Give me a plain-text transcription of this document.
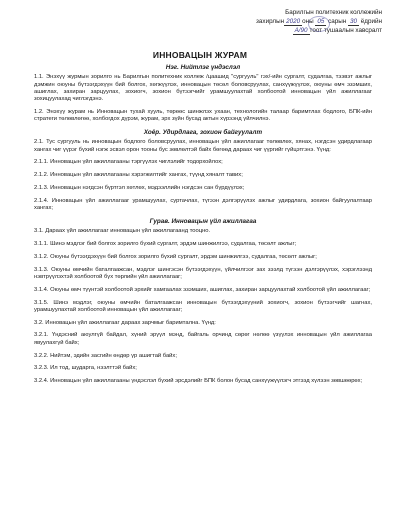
Барилгын политехник коллежийн
захирлын 2020 оны 05 сарын 30 ёдрийн
А/90 тоот тушаалын хавсралт
ИННОВАЦЫН ЖУРАМ
Нэг. Нийтлэг үндэслэл
1.1. Энэхүү журмын зорилго нь Барилгын политехник коллеж /цаашид "сургууль" гэх/-ийн сургалт, судалгаа, тээвэт ажлыг дэмжин оюуны бүтээгдэхүүн бий болгох, хөгжүүлэх, инновацын төсөл боловсруулах, санхүүжүүлэх, оюуны өмч эзэмших, ашиглах, захиран зарцуулах, зохиогч, зохион бүтээгчийг урамшуулахтай холбоотой инновацын үйл ажиллагааг зохицуулахад чиглэгдэнэ.
1.2. Энэхүү журам нь Инновацын тухай хууль, төрөөс шинжлэх ухаан, технологийн талаар баримтлах бодлого, БПК-ийн стратеги төлөвлөгөө, холбогдох дүрэм, журам, эрх зүйн бусад актын хүрээнд үйлчилнэ.
Хоёр. Удирдлага, зохион байгуулалт
2.1. Тус сургууль нь инновацын бодлого боловсруулах, инновацын үйл ажиллагааг төлөвлөх, хянах, нэгдсэн удирдлагаар хангах чиг үүрэг бүхий нэгж эсвэл орон тооны бус зөвлөлтэй байх бөгөөд дараах чиг үүргийг гүйцэтгэнэ. Үүнд:
2.1.1. Инновацын үйл ажиллагааны тэргүүлэх чиглэлийг тодорхойлох;
2.1.2. Инновацын үйл ажиллагааны хэрэгжилтийг хангах, түүнд хяналт тавих;
2.1.3. Инновацын нэгдсэн бүртгэл хөтлөх, мэдээллийн нэгдсэн сан бүрдүүлэх;
2.1.4. Инновацын үйл ажиллагааг урамшуулах, суртачлах, түгээн дэлгэрүүлэх ажлыг удирдлага, зохион байгуулалтаар хангах;
Гурав. Инновацын үйл ажиллагаа
3.1. Дараах үйл ажиллагааг инновацын үйл ажиллагаанд тооцно.
3.1.1. Шинэ мэдлэг бий болгох зорилго бүхий сургалт, эрдэм шинжилгээ, судалгаа, төсөлт ажлыг;
3.1.2. Оюуны бүтээгдэхүүн бий болгох зорилго бүхий сургалт, эрдэм шинжилгээ, судалгаа, төсөлт ажлыг;
3.1.3. Оюуны өмчийн баталгаажсан, мэдлэг шингэсэн бүтээгдэхүүн, үйлчилгээг зах зээлд түгээн дэлгэрүүлэх, хэрэглээнд нэвтрүүлэхтэй холбоотой бүх төрлийн үйл ажиллагааг;
3.1.4. Оюуны өмч түүнтэй холбоотой эрхийг хамгаалах эзэмших, ашиглах, захиран зарцуулахтай холбоотой үйл ажиллагааг;
3.1.5. Шинэ мэдлэг, оюуны өмчийн баталгаажсан инновацын бүтээгдэхүүний зохиогч, зохион бүтээгчийг шагнах, урамшуулахтай холбоотой инновацын үйл ажиллагааг;
3.2. Инновацын үйл ажиллагааг дараах зарчмыг баримтална. Үүнд:
3.2.1. Үндэсний аюулгүй байдал, хүний эрүүл мэнд, байгаль орчинд сөрөг нөлөө үзүүлэх инновацын үйл ажиллагаа явуулахгүй байх;
3.2.2. Нийтэм, эдийн засгийн өндөр үр ашигтай байх;
3.2.3. Ил тод, шударга, нээлттэй байх;
3.2.4. Инновацын үйл ажиллагааны үндэслэл бүхий эрсдэлийг БПК болон бусад санхүүжүүлэгч этгээд хүлээн зөвшөөрөх;
